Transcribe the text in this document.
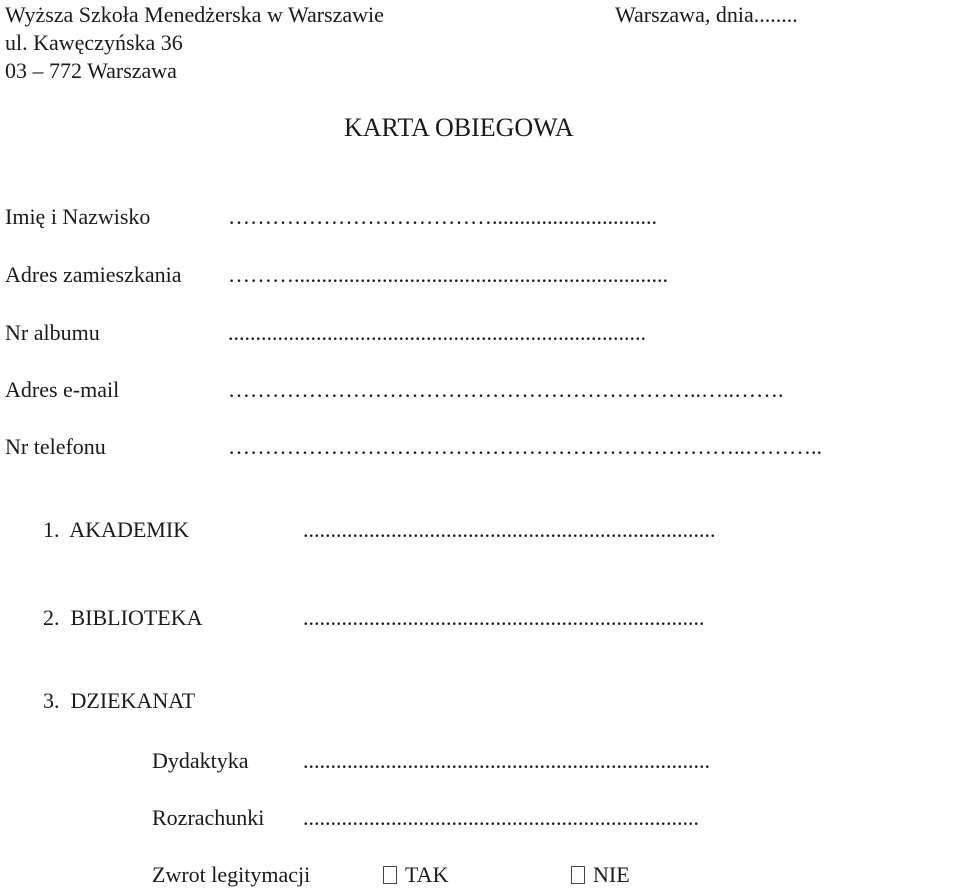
Wyższa Szkoła Menedżerska w Warszawie
ul. Kawęczyńska 36
03 – 772 Warszawa
Warszawa, dnia........
KARTA OBIEGOWA
Imię i Nazwisko	………………………………..............................
Adres zamieszkania ………....................................................................
Nr albumu	............................................................................
Adres e-mail	………………………………………………………..…..…….
Nr telefonu	……………………………………………………………..………..
1.  AKADEMIK	...........................................................................
2.  BIBLIOTEKA	.........................................................................
3.  DZIEKANAT
Dydaktyka ..........................................................................
Rozrachunki ........................................................................
Zwrot legitymacji	TAK	NIE
